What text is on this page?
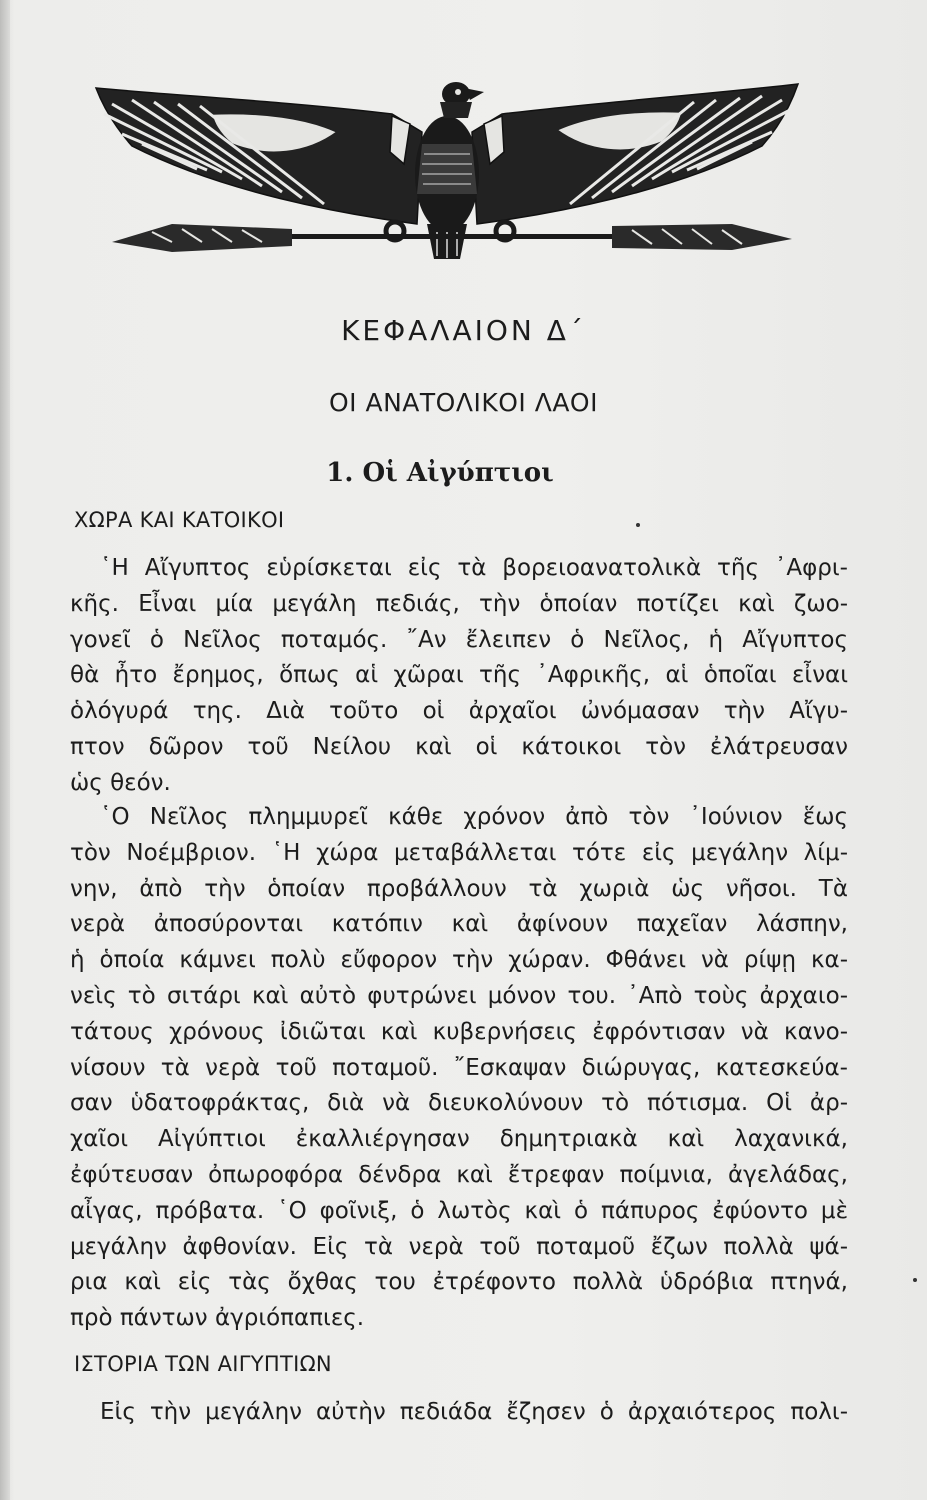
ΚΕΦΑΛΑΙΟΝ Δ΄
ΟΙ ΑΝΑΤΟΛΙΚΟΙ ΛΑΟΙ
1. Οἱ Αἰγύπτιοι
ΧΩΡΑ ΚΑΙ ΚΑΤΟΙΚΟΙ
῾Η Αἴγυπτος εὑρίσκεται εἰς τὰ βορειοανατολικὰ τῆς ᾿Αφρι-
κῆς. Εἶναι μία μεγάλη πεδιάς, τὴν ὁποίαν ποτίζει καὶ ζωο-
γονεῖ ὁ Νεῖλος ποταμός. ῎Αν ἔλειπεν ὁ Νεῖλος, ἡ Αἴγυπτος
θὰ ἦτο ἔρημος, ὅπως αἱ χῶραι τῆς ᾿Αφρικῆς, αἱ ὁποῖαι εἶναι
ὁλόγυρά της. Διὰ τοῦτο οἱ ἀρχαῖοι ὠνόμασαν τὴν Αἴγυ-
πτον δῶρον τοῦ Νείλου καὶ οἱ κάτοικοι τὸν ἐλάτρευσαν
ὡς θεόν.
῾Ο Νεῖλος πλημμυρεῖ κάθε χρόνον ἀπὸ τὸν ᾿Ιούνιον ἕως
τὸν Νοέμβριον. ῾Η χώρα μεταβάλλεται τότε εἰς μεγάλην λίμ-
νην, ἀπὸ τὴν ὁποίαν προβάλλουν τὰ χωριὰ ὡς νῆσοι. Τὰ
νερὰ ἀποσύρονται κατόπιν καὶ ἀφίνουν παχεῖαν λάσπην,
ἡ ὁποία κάμνει πολὺ εὔφορον τὴν χώραν. Φθάνει νὰ ρίψῃ κα-
νεὶς τὸ σιτάρι καὶ αὐτὸ φυτρώνει μόνον του. ᾿Απὸ τοὺς ἀρχαιο-
τάτους χρόνους ἰδιῶται καὶ κυβερνήσεις ἐφρόντισαν νὰ κανο-
νίσουν τὰ νερὰ τοῦ ποταμοῦ. ῎Εσκαψαν διώρυγας, κατεσκεύα-
σαν ὑδατοφράκτας, διὰ νὰ διευκολύνουν τὸ πότισμα. Οἱ ἀρ-
χαῖοι Αἰγύπτιοι ἐκαλλιέργησαν δημητριακὰ καὶ λαχανικά,
ἐφύτευσαν ὀπωροφόρα δένδρα καὶ ἔτρεφαν ποίμνια, ἀγελάδας,
αἶγας, πρόβατα. ῾Ο φοῖνιξ, ὁ λωτὸς καὶ ὁ πάπυρος ἐφύοντο μὲ
μεγάλην ἀφθονίαν. Εἰς τὰ νερὰ τοῦ ποταμοῦ ἔζων πολλὰ ψά-
ρια καὶ εἰς τὰς ὄχθας του ἐτρέφοντο πολλὰ ὑδρόβια πτηνά,
πρὸ πάντων ἀγριόπαπιες.
ΙΣΤΟΡΙΑ ΤΩΝ ΑΙΓΥΠΤΙΩΝ
Εἰς τὴν μεγάλην αὐτὴν πεδιάδα ἔζησεν ὁ ἀρχαιότερος πολι-
